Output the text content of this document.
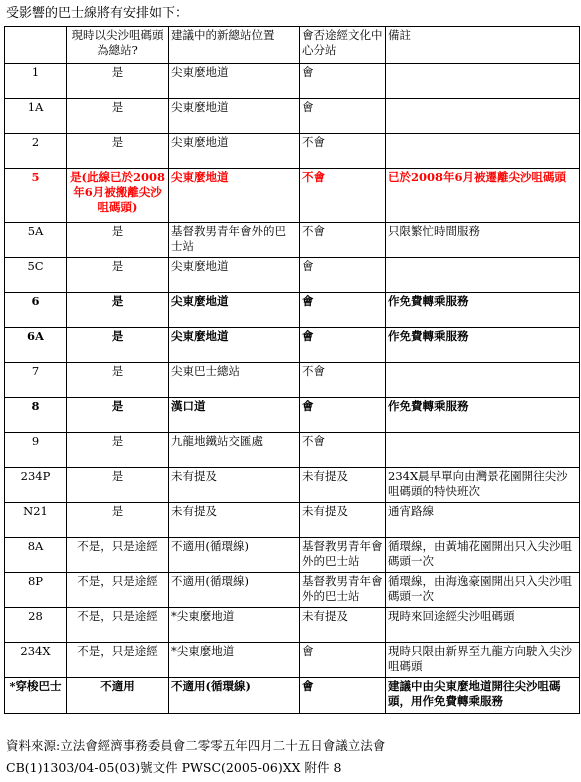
受影響的巴士線將有安排如下：
	現時以尖沙咀碼頭為總站?	建議中的新總站位置	會否途經文化中心分站	備註
1	是	尖東麼地道	會	
1A	是	尖東麼地道	會	
2	是	尖東麼地道	不會	
5	是(此線已於2008年6月被搬離尖沙咀碼頭)	尖東麼地道	不會	已於2008年6月被遷離尖沙咀碼頭
5A	是	基督教男青年會外的巴士站	不會	只限繁忙時間服務
5C	是	尖東麼地道	會	
6	是	尖東麼地道	會	作免費轉乘服務
6A	是	尖東麼地道	會	作免費轉乘服務
7	是	尖東巴士總站	不會	
8	是	漢口道	會	作免費轉乘服務
9	是	九龍地鐵站交匯處	不會	
234P	是	未有提及	未有提及	234X晨早單向由灣景花園開往尖沙咀碼頭的特快班次
N21	是	未有提及	未有提及	通宵路線
8A	不是，只是途經	不適用(循環線)	基督教男青年會外的巴士站	循環線，由黃埔花園開出只入尖沙咀碼頭一次
8P	不是，只是途經	不適用(循環線)	基督教男青年會外的巴士站	循環線，由海逸豪園開出只入尖沙咀碼頭一次
28	不是，只是途經	*尖東麼地道	未有提及	現時來回途經尖沙咀碼頭
234X	不是，只是途經	*尖東麼地道	會	現時只限由新界至九龍方向駛入尖沙咀碼頭
*穿梭巴士	不適用	不適用(循環線)	會	建議中由尖東麼地道開往尖沙咀碼頭，用作免費轉乘服務
資料來源:立法會經濟事務委員會二零零五年四月二十五日會議立法會
CB(1)1303/04-05(03)號文件 PWSC(2005-06)XX 附件 8
